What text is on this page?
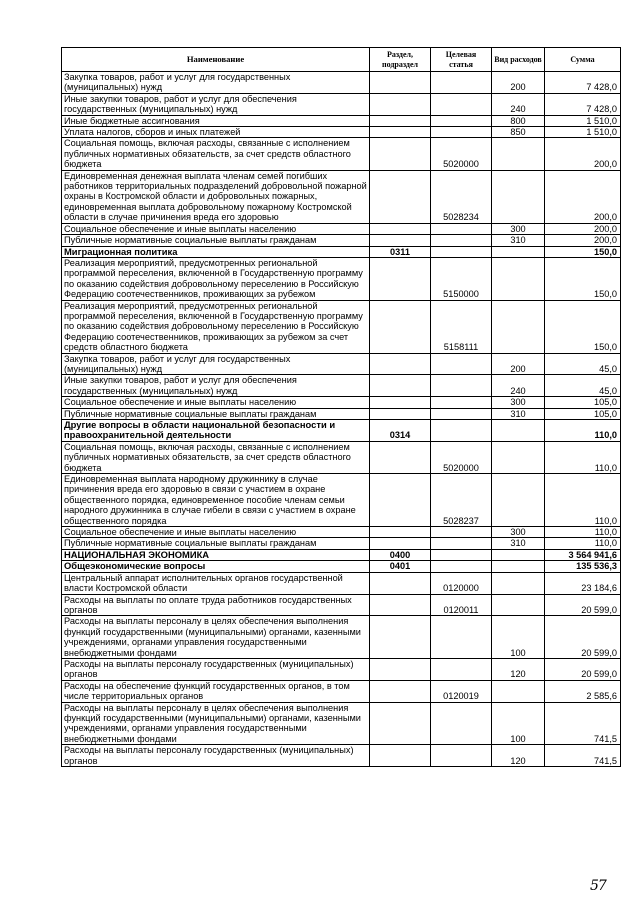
Наименование	Раздел, подраздел	Целевая статья	Вид расходов	Сумма
Закупка товаров, работ и услуг для государственных (муниципальных) нужд			200	7 428,0
Иные закупки товаров, работ и услуг для обеспечения государственных (муниципальных) нужд			240	7 428,0
Иные бюджетные ассигнования			800	1 510,0
Уплата налогов, сборов и иных платежей			850	1 510,0
Социальная помощь, включая расходы, связанные с исполнением публичных нормативных обязательств, за счет средств областного бюджета		5020000		200,0
Единовременная денежная выплата членам семей погибших работников территориальных подразделений добровольной пожарной охраны в Костромской области и добровольных пожарных, единовременная выплата добровольному пожарному Костромской области в случае причинения вреда его здоровью		5028234		200,0
Социальное обеспечение и иные выплаты населению			300	200,0
Публичные нормативные социальные выплаты гражданам			310	200,0
Миграционная политика	0311			150,0
Реализация мероприятий, предусмотренных региональной программой переселения, включенной в Государственную программу по оказанию содействия добровольному переселению в Российскую Федерацию соотечественников, проживающих за рубежом		5150000		150,0
Реализация мероприятий, предусмотренных региональной программой переселения, включенной в Государственную программу по оказанию содействия добровольному переселению в Российскую Федерацию соотечественников, проживающих за рубежом за счет средств областного бюджета		5158111		150,0
Закупка товаров, работ и услуг для государственных (муниципальных) нужд			200	45,0
Иные закупки товаров, работ и услуг для обеспечения государственных (муниципальных) нужд			240	45,0
Социальное обеспечение и иные выплаты населению			300	105,0
Публичные нормативные социальные выплаты гражданам			310	105,0
Другие вопросы в области национальной безопасности и правоохранительной деятельности	0314			110,0
Социальная помощь, включая расходы, связанные с исполнением публичных нормативных обязательств, за счет средств областного бюджета		5020000		110,0
Единовременная выплата народному дружиннику в случае причинения вреда его здоровью в связи с участием в охране общественного порядка, единовременное пособие членам семьи народного дружинника в случае гибели в связи с участием в охране общественного порядка		5028237		110,0
Социальное обеспечение и иные выплаты населению			300	110,0
Публичные нормативные социальные выплаты гражданам			310	110,0
НАЦИОНАЛЬНАЯ ЭКОНОМИКА	0400			3 564 941,6
Общеэкономические вопросы	0401			135 536,3
Центральный аппарат исполнительных органов государственной власти Костромской области		0120000		23 184,6
Расходы на выплаты по оплате труда работников государственных органов		0120011		20 599,0
Расходы на выплаты персоналу в целях обеспечения выполнения функций государственными (муниципальными) органами, казенными учреждениями, органами управления государственными внебюджетными фондами			100	20 599,0
Расходы на выплаты персоналу государственных (муниципальных) органов			120	20 599,0
Расходы на обеспечение функций государственных органов, в том числе территориальных органов		0120019		2 585,6
Расходы на выплаты персоналу в целях обеспечения выполнения функций государственными (муниципальными) органами, казенными учреждениями, органами управления государственными внебюджетными фондами			100	741,5
Расходы на выплаты персоналу государственных (муниципальных) органов			120	741,5
57
